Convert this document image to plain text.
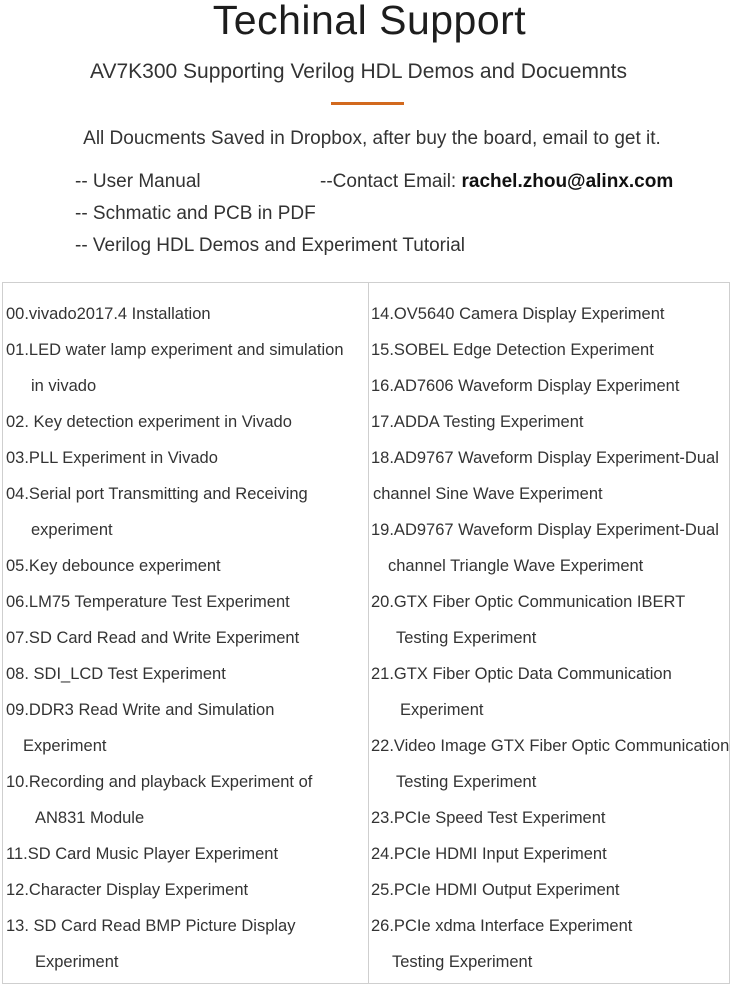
Techinal Support
AV7K300 Supporting Verilog HDL Demos and Docuemnts
All Doucments Saved in Dropbox, after buy the board, email to get it.
-- User Manual	--Contact Email: rachel.zhou@alinx.com
-- Schmatic and PCB in PDF
-- Verilog HDL Demos and Experiment Tutorial
00.vivado2017.4 Installation
01.LED water lamp experiment and simulation
in vivado
02. Key detection experiment in Vivado
03.PLL Experiment in Vivado
04.Serial port Transmitting and Receiving
experiment
05.Key debounce experiment
06.LM75 Temperature Test Experiment
07.SD Card Read and Write Experiment
08. SDI_LCD Test Experiment
09.DDR3 Read Write and Simulation
Experiment
10.Recording and playback Experiment of
AN831 Module
11.SD Card Music Player Experiment
12.Character Display Experiment
13. SD Card Read BMP Picture Display
Experiment
14.OV5640 Camera Display Experiment
15.SOBEL Edge Detection Experiment
16.AD7606 Waveform Display Experiment
17.ADDA Testing Experiment
18.AD9767 Waveform Display Experiment-Dual
channel Sine Wave Experiment
19.AD9767 Waveform Display Experiment-Dual
channel Triangle Wave Experiment
20.GTX Fiber Optic Communication IBERT
Testing Experiment
21.GTX Fiber Optic Data Communication
Experiment
22.Video Image GTX Fiber Optic Communication
Testing Experiment
23.PCIe Speed Test Experiment
24.PCIe HDMI Input Experiment
25.PCIe HDMI Output Experiment
26.PCIe xdma Interface Experiment
Testing Experiment
